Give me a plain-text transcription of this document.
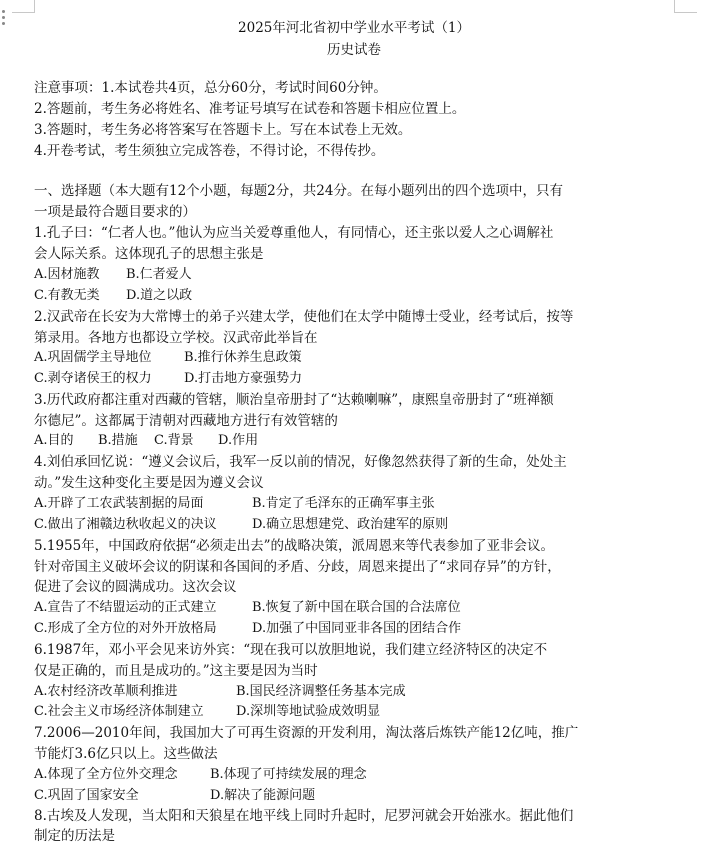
2025年河北省初中学业水平考试（1）
历史试卷
注意事项：1.本试卷共4页，总分60分，考试时间60分钟。
2.答题前，考生务必将姓名、准考证号填写在试卷和答题卡相应位置上。
3.答题时，考生务必将答案写在答题卡上。写在本试卷上无效。
4.开卷考试，考生须独立完成答卷，不得讨论，不得传抄。
一、选择题（本大题有12个小题，每题2分，共24分。在每小题列出的四个选项中，只有
一项是最符合题目要求的）
1.孔子曰：“仁者人也。”他认为应当关爱尊重他人，有同情心，还主张以爱人之心调解社
会人际关系。这体现孔子的思想主张是
A.因材施教 B.仁者爱人
C.有教无类 D.道之以政
2.汉武帝在长安为大常博士的弟子兴建太学，使他们在太学中随博士受业，经考试后，按等
第录用。各地方也都设立学校。汉武帝此举旨在
A.巩固儒学主导地位 B.推行休养生息政策
C.剥夺诸侯王的权力 D.打击地方豪强势力
3.历代政府都注重对西藏的管辖，顺治皇帝册封了“达赖喇嘛”，康熙皇帝册封了“班禅额
尔德尼”。这都属于清朝对西藏地方进行有效管辖的
A.目的 B.措施 C.背景 D.作用
4.刘伯承回忆说：“遵义会议后，我军一反以前的情况，好像忽然获得了新的生命，处处主
动。”发生这种变化主要是因为遵义会议
A.开辟了工农武装割据的局面	B.肯定了毛泽东的正确军事主张
C.做出了湘赣边秋收起义的决议	D.确立思想建党、政治建军的原则
5.1955年，中国政府依据“必须走出去”的战略决策，派周恩来等代表参加了亚非会议。
针对帝国主义破坏会议的阴谋和各国间的矛盾、分歧，周恩来提出了“求同存异”的方针，
促进了会议的圆满成功。这次会议
A.宣告了不结盟运动的正式建立	B.恢复了新中国在联合国的合法席位
C.形成了全方位的对外开放格局	D.加强了中国同亚非各国的团结合作
6.1987年，邓小平会见来访外宾：“现在我可以放胆地说，我们建立经济特区的决定不
仅是正确的，而且是成功的。”这主要是因为当时
A.农村经济改革顺利推进	B.国民经济调整任务基本完成
C.社会主义市场经济体制建立 D.深圳等地试验成效明显
7.2006—2010年间，我国加大了可再生资源的开发利用，淘汰落后炼铁产能12亿吨，推广
节能灯3.6亿只以上。这些做法
A.体现了全方位外交理念 B.体现了可持续发展的理念
C.巩固了国家安全	D.解决了能源问题
8.古埃及人发现，当太阳和天狼星在地平线上同时升起时，尼罗河就会开始涨水。据此他们
制定的历法是
